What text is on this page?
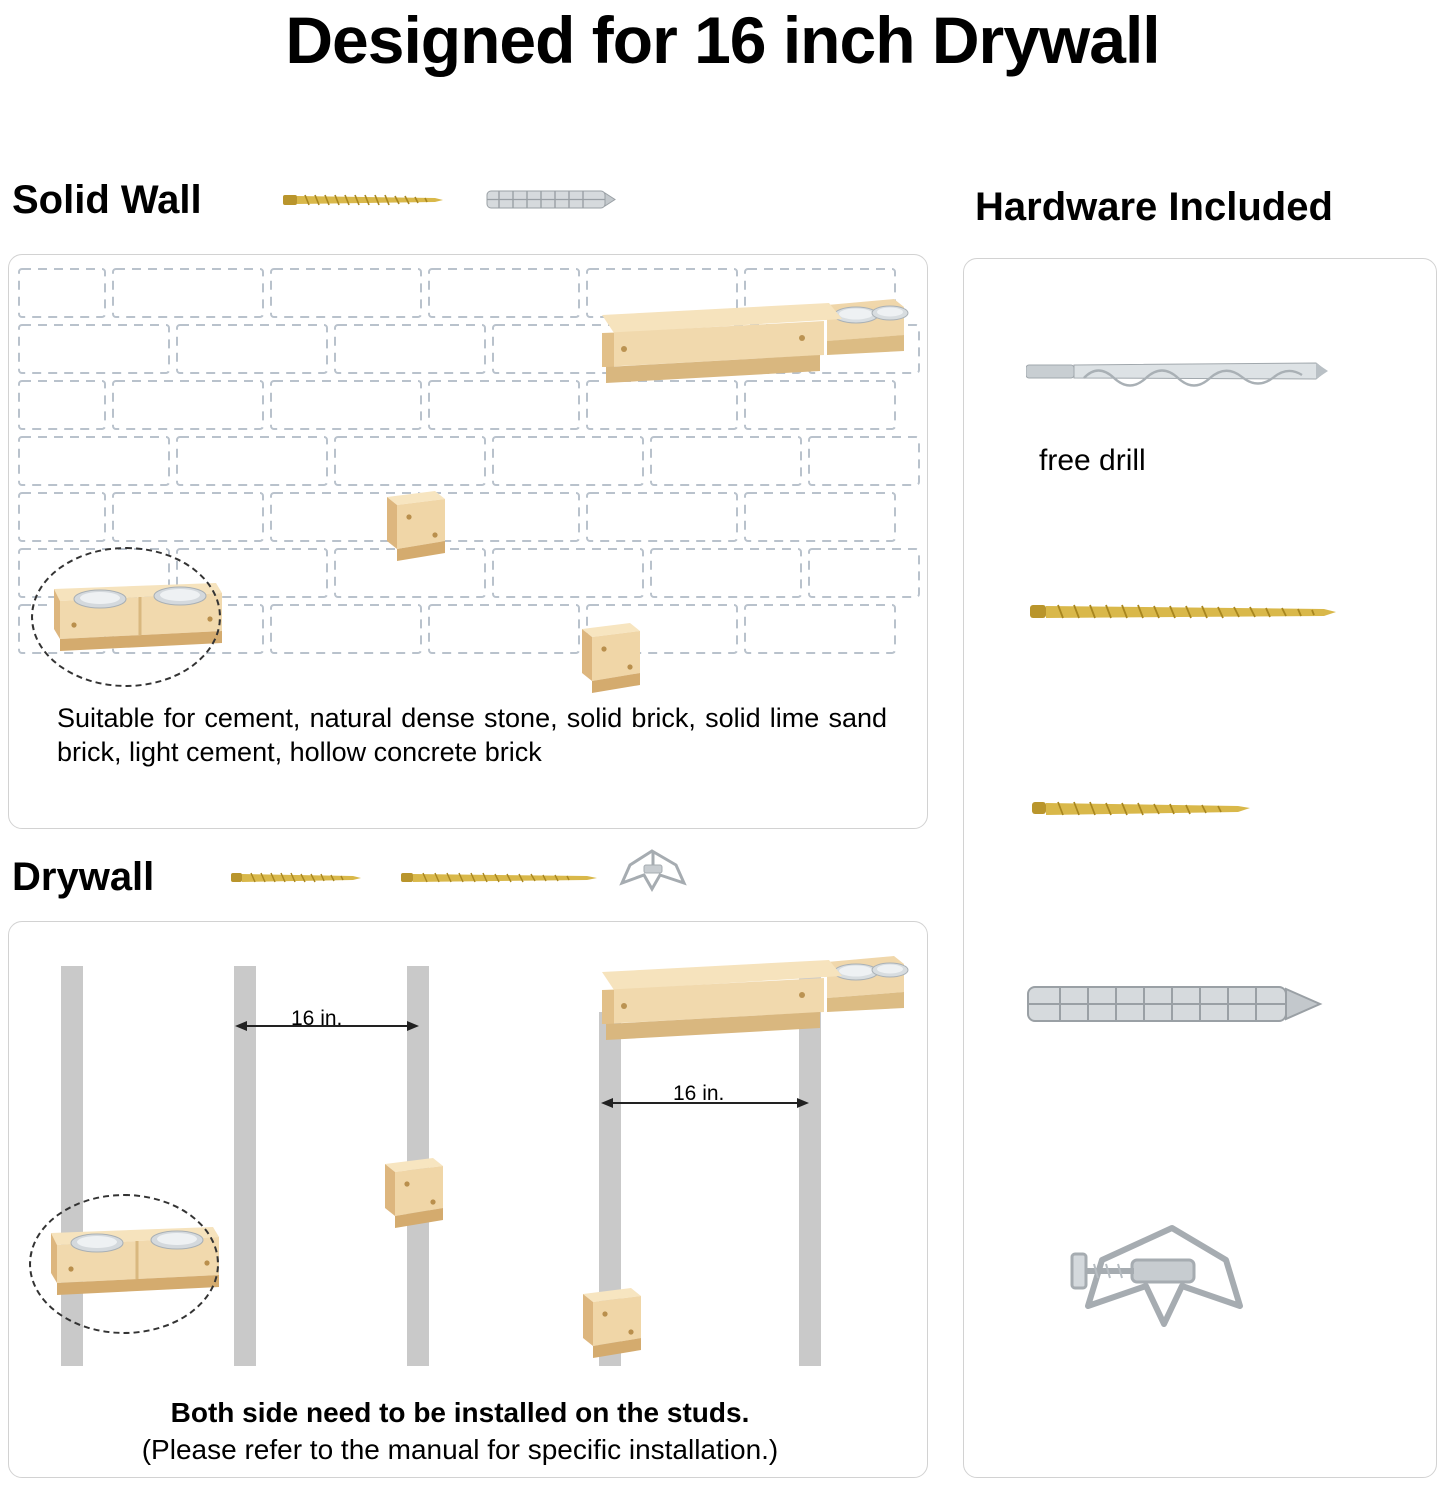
Designed for 16 inch Drywall
Solid Wall	Hardware Included
Suitable for cement, natural dense stone, solid brick, solid lime sand brick, light cement, hollow concrete brick
Drywall
16 in.
16 in.
Both side need to be installed on the studs.
(Please refer to the manual for specific installation.)
free drill
